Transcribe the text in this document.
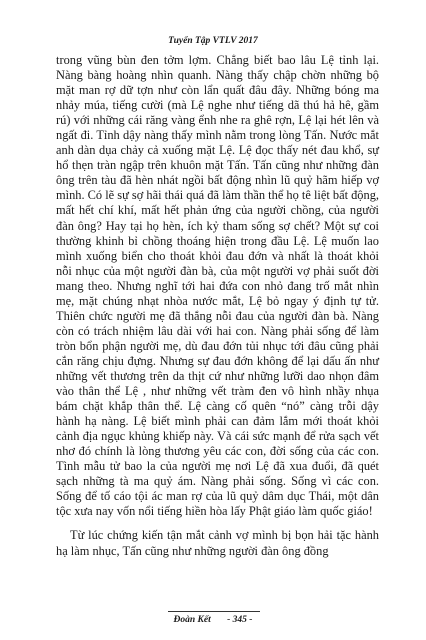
Tuyển Tập VTLV 2017

trong vũng bùn đen tởm lợm. Chẳng biết bao lâu Lệ tỉnh lại. Nàng bàng hoàng nhìn quanh. Nàng thấy chập chờn những bộ mặt man rợ dữ tợn như còn lẩn quất đâu đây. Những bóng ma nhảy múa, tiếng cười (mà Lệ nghe như tiếng dã thú hả hê, gầm rú) với những cái răng vàng ểnh nhe ra ghê rợn, Lệ lại hét lên và ngất đi. Tỉnh dậy nàng thấy mình nằm trong lòng Tấn. Nước mắt anh dàn dụa chảy cả xuống mặt Lệ. Lệ đọc thấy nét đau khổ, sự hổ thẹn tràn ngập trên khuôn mặt Tấn. Tấn cũng như những đàn ông trên tàu đã hèn nhát ngồi bất động nhìn lũ quỷ hãm hiếp vợ mình. Có lẽ sự sợ hãi thái quá đã làm thần thể họ tê liệt bất động, mất hết chí khí, mất hết phản ứng của người chồng, của người đàn ông? Hay tại họ hèn, ích kỷ tham sống sợ chết? Một sự coi thường khinh bỉ chồng thoáng hiện trong đầu Lệ. Lệ muốn lao mình xuống biển cho thoát khỏi đau đớn và nhất là thoát khỏi nỗi nhục của một người đàn bà, của một người vợ phải suốt đời mang theo. Nhưng nghĩ tới hai đứa con nhỏ đang trố mắt nhìn mẹ, mặt chúng nhạt nhòa nước mắt, Lệ bỏ ngay ý định tự tử. Thiên chức người mẹ đã thắng nỗi đau của người đàn bà. Nàng còn có trách nhiệm lâu dài với hai con. Nàng phải sống để làm tròn bổn phận người mẹ, dù đau đớn tủi nhục tới đâu cũng phải cắn răng chịu đựng. Nhưng sự đau đớn không để lại dấu ấn như những vết thương trên da thịt cứ như những lưỡi dao nhọn đâm vào thân thể Lệ , như những vết tràm đen vô hình nhầy nhụa bám chặt khắp thân thể. Lệ càng cố quên “nó” càng trỗi dậy hành hạ nàng. Lệ biết mình phải can đảm lắm mới thoát khỏi cảnh địa ngục khủng khiếp này. Và cái sức mạnh để rửa sạch vết nhơ đó chính là lòng thương yêu các con, đời sống của các con. Tình mẫu tử bao la của người mẹ nơi Lệ đã xua đuổi, đã quét sạch những tà ma quỷ ám. Nàng phải sống. Sống vì các con. Sống để tố cáo tội ác man rợ của lũ quỷ dâm dục Thái, một dân tộc xưa nay vốn nổi tiếng hiền hòa lấy Phật giáo làm quốc giáo!

Từ lúc chứng kiến tận mắt cảnh vợ mình bị bọn hải tặc hành hạ làm nhục, Tấn cũng như những người đàn ông đồng

Đoàn Kết - 345 -
